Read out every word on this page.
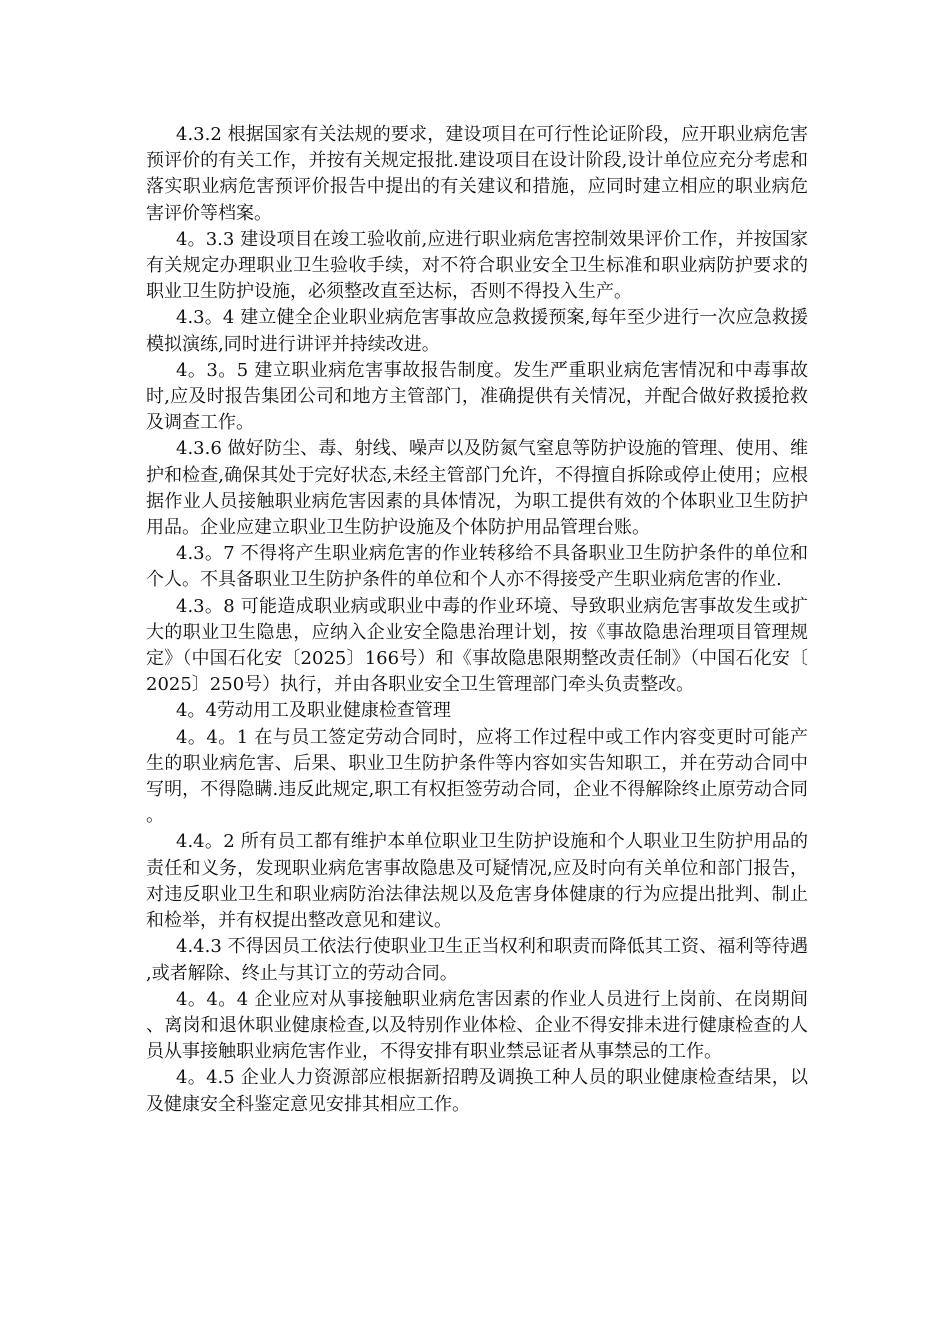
4.3.2 根据国家有关法规的要求，建设项目在可行性论证阶段，应开职业病危害预评价的有关工作，并按有关规定报批.建设项目在设计阶段,设计单位应充分考虑和落实职业病危害预评价报告中提出的有关建议和措施，应同时建立相应的职业病危害评价等档案。

4。3.3 建设项目在竣工验收前,应进行职业病危害控制效果评价工作，并按国家有关规定办理职业卫生验收手续，对不符合职业安全卫生标准和职业病防护要求的职业卫生防护设施，必须整改直至达标，否则不得投入生产。

4.3。4 建立健全企业职业病危害事故应急救援预案,每年至少进行一次应急救援模拟演练,同时进行讲评并持续改进。

4。3。5 建立职业病危害事故报告制度。发生严重职业病危害情况和中毒事故时,应及时报告集团公司和地方主管部门，准确提供有关情况，并配合做好救援抢救及调查工作。

4.3.6 做好防尘、毒、射线、噪声以及防氮气窒息等防护设施的管理、使用、维护和检查,确保其处于完好状态,未经主管部门允许，不得擅自拆除或停止使用；应根据作业人员接触职业病危害因素的具体情况，为职工提供有效的个体职业卫生防护用品。企业应建立职业卫生防护设施及个体防护用品管理台账。

4.3。7 不得将产生职业病危害的作业转移给不具备职业卫生防护条件的单位和个人。不具备职业卫生防护条件的单位和个人亦不得接受产生职业病危害的作业.

4.3。8 可能造成职业病或职业中毒的作业环境、导致职业病危害事故发生或扩大的职业卫生隐患，应纳入企业安全隐患治理计划，按《事故隐患治理项目管理规定》（中国石化安〔2025〕166号）和《事故隐患限期整改责任制》（中国石化安〔2025〕250号）执行，并由各职业安全卫生管理部门牵头负责整改。

4。4劳动用工及职业健康检查管理

4。4。1 在与员工签定劳动合同时，应将工作过程中或工作内容变更时可能产生的职业病危害、后果、职业卫生防护条件等内容如实告知职工，并在劳动合同中写明，不得隐瞒.违反此规定,职工有权拒签劳动合同，企业不得解除终止原劳动合同。

4.4。2 所有员工都有维护本单位职业卫生防护设施和个人职业卫生防护用品的责任和义务，发现职业病危害事故隐患及可疑情况,应及时向有关单位和部门报告，对违反职业卫生和职业病防治法律法规以及危害身体健康的行为应提出批判、制止和检举，并有权提出整改意见和建议。

4.4.3 不得因员工依法行使职业卫生正当权利和职责而降低其工资、福利等待遇,或者解除、终止与其订立的劳动合同。

4。4。4 企业应对从事接触职业病危害因素的作业人员进行上岗前、在岗期间、离岗和退休职业健康检查,以及特别作业体检、企业不得安排未进行健康检查的人员从事接触职业病危害作业，不得安排有职业禁忌证者从事禁忌的工作。

4。4.5 企业人力资源部应根据新招聘及调换工种人员的职业健康检查结果，以及健康安全科鉴定意见安排其相应工作。
